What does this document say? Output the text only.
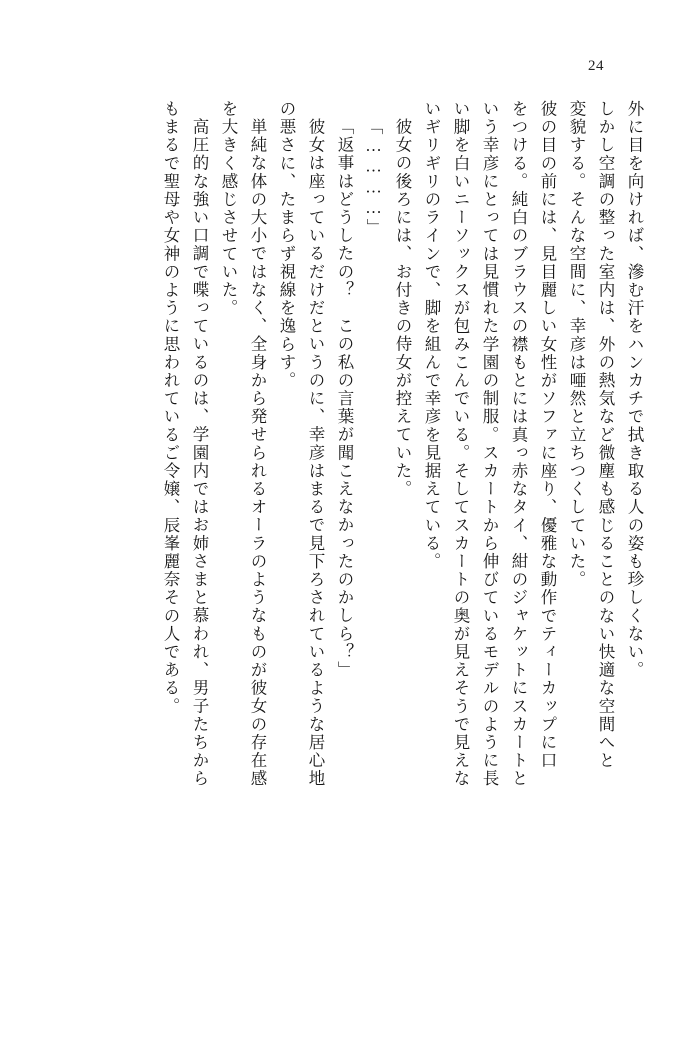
24
外に目を向ければ、滲む汗をハンカチで拭き取る人の姿も珍しくない。
しかし空調の整った室内は、外の熱気など微塵も感じることのない快適な空間へと
変貌する。そんな空間に、幸彦は唖然と立ちつくしていた。
彼の目の前には、見目麗しい女性がソファに座り、優雅な動作でティーカップに口
をつける。純白のブラウスの襟もとには真っ赤なタイ、紺のジャケットにスカートと
いう幸彦にとっては見慣れた学園の制服。スカートから伸びているモデルのように長
い脚を白いニーソックスが包みこんでいる。そしてスカートの奥が見えそうで見えな
いギリギリのラインで、脚を組んで幸彦を見据えている。
彼女の後ろには、お付きの侍女が控えていた。
「…………」
「返事はどうしたの？　この私の言葉が聞こえなかったのかしら？」
彼女は座っているだけだというのに、幸彦はまるで見下ろされているような居心地
の悪さに、たまらず視線を逸らす。
単純な体の大小ではなく、全身から発せられるオーラのようなものが彼女の存在感
を大きく感じさせていた。
高圧的な強い口調で喋っているのは、学園内ではお姉さまと慕われ、男子たちから
もまるで聖母や女神のように思われているご令嬢、辰峯麗奈その人である。
